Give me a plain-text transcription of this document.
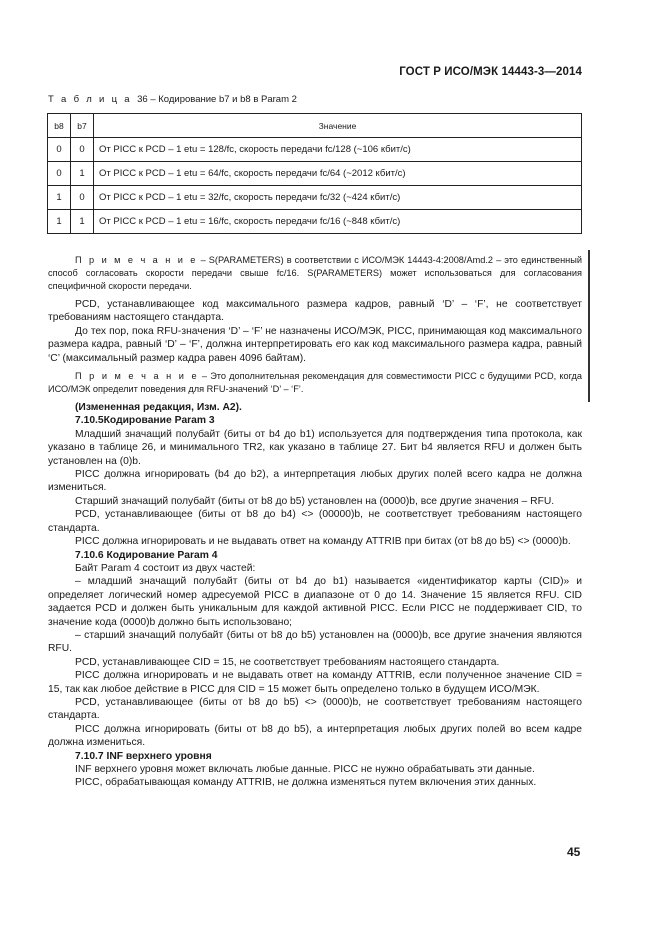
ГОСТ Р ИСО/МЭК 14443-3—2014
Т а б л и ц а 36 – Кодирование b7 и b8 в Param 2
b8	b7	Значение
0	0	От PICC к PCD – 1 etu = 128/fc, скорость передачи fc/128 (~106 кбит/с)
0	1	От PICC к PCD – 1 etu = 64/fc, скорость передачи fc/64 (~2012 кбит/с)
1	0	От PICC к PCD – 1 etu = 32/fc, скорость передачи fc/32 (~424 кбит/с)
1	1	От PICC к PCD – 1 etu = 16/fc, скорость передачи fc/16 (~848 кбит/с)

П р и м е ч а н и е – S(PARAMETERS) в соответствии с ИСО/МЭК 14443-4:2008/Amd.2 – это единственный способ согласовать скорости передачи свыше fc/16. S(PARAMETERS) может использоваться для согласования специфичной скорости передачи.

PCD, устанавливающее код максимального размера кадров, равный ‘D’ – ‘F’, не соответствует требованиям настоящего стандарта.

До тех пор, пока RFU-значения ‘D’ – ‘F’ не назначены ИСО/МЭК, PICC, принимающая код максимального размера кадра, равный ‘D’ – ‘F’, должна интерпретировать его как код максимального размера кадра, равный ‘C’ (максимальный размер кадра равен 4096 байтам).

П р и м е ч а н и е – Это дополнительная рекомендация для совместимости PICC с будущими PCD, когда ИСО/МЭК определит поведения для RFU-значений ‘D’ – ‘F’.

(Измененная редакция, Изм. А2).

7.10.5Кодирование Param 3

Младший значащий полубайт (биты от b4 до b1) используется для подтверждения типа протокола, как указано в таблице 26, и минимального TR2, как указано в таблице 27. Бит b4 является RFU и должен быть установлен на (0)b.

PICC должна игнорировать (b4 до b2), а интерпретация любых других полей всего кадра не должна измениться.

Старший значащий полубайт (биты от b8 до b5) установлен на (0000)b, все другие значения – RFU.

PCD, устанавливающее (биты от b8 до b4) <> (00000)b, не соответствует требованиям настоящего стандарта.

PICC должна игнорировать и не выдавать ответ на команду ATTRIB при битах (от b8 до b5) <> (0000)b.

7.10.6 Кодирование Param 4

Байт Param 4 состоит из двух частей:

– младший значащий полубайт (биты от b4 до b1) называется «идентификатор карты (CID)» и определяет логический номер адресуемой PICC в диапазоне от 0 до 14. Значение 15 является RFU. CID задается PCD и должен быть уникальным для каждой активной PICC. Если PICC не поддерживает CID, то значение кода (0000)b должно быть использовано;

– старший значащий полубайт (биты от b8 до b5) установлен на (0000)b, все другие значения являются RFU.

PCD, устанавливающее CID = 15, не соответствует требованиям настоящего стандарта.

PICC должна игнорировать и не выдавать ответ на команду ATTRIB, если полученное значение CID = 15, так как любое действие в PICC для CID = 15 может быть определено только в будущем ИСО/МЭК.

PCD, устанавливающее (биты от b8 до b5) <> (0000)b, не соответствует требованиям настоящего стандарта.

PICC должна игнорировать (биты от b8 до b5), а интерпретация любых других полей во всем кадре должна измениться.

7.10.7 INF верхнего уровня

INF верхнего уровня может включать любые данные. PICC не нужно обрабатывать эти данные.

PICC, обрабатывающая команду ATTRIB, не должна изменяться путем включения этих данных.

45
